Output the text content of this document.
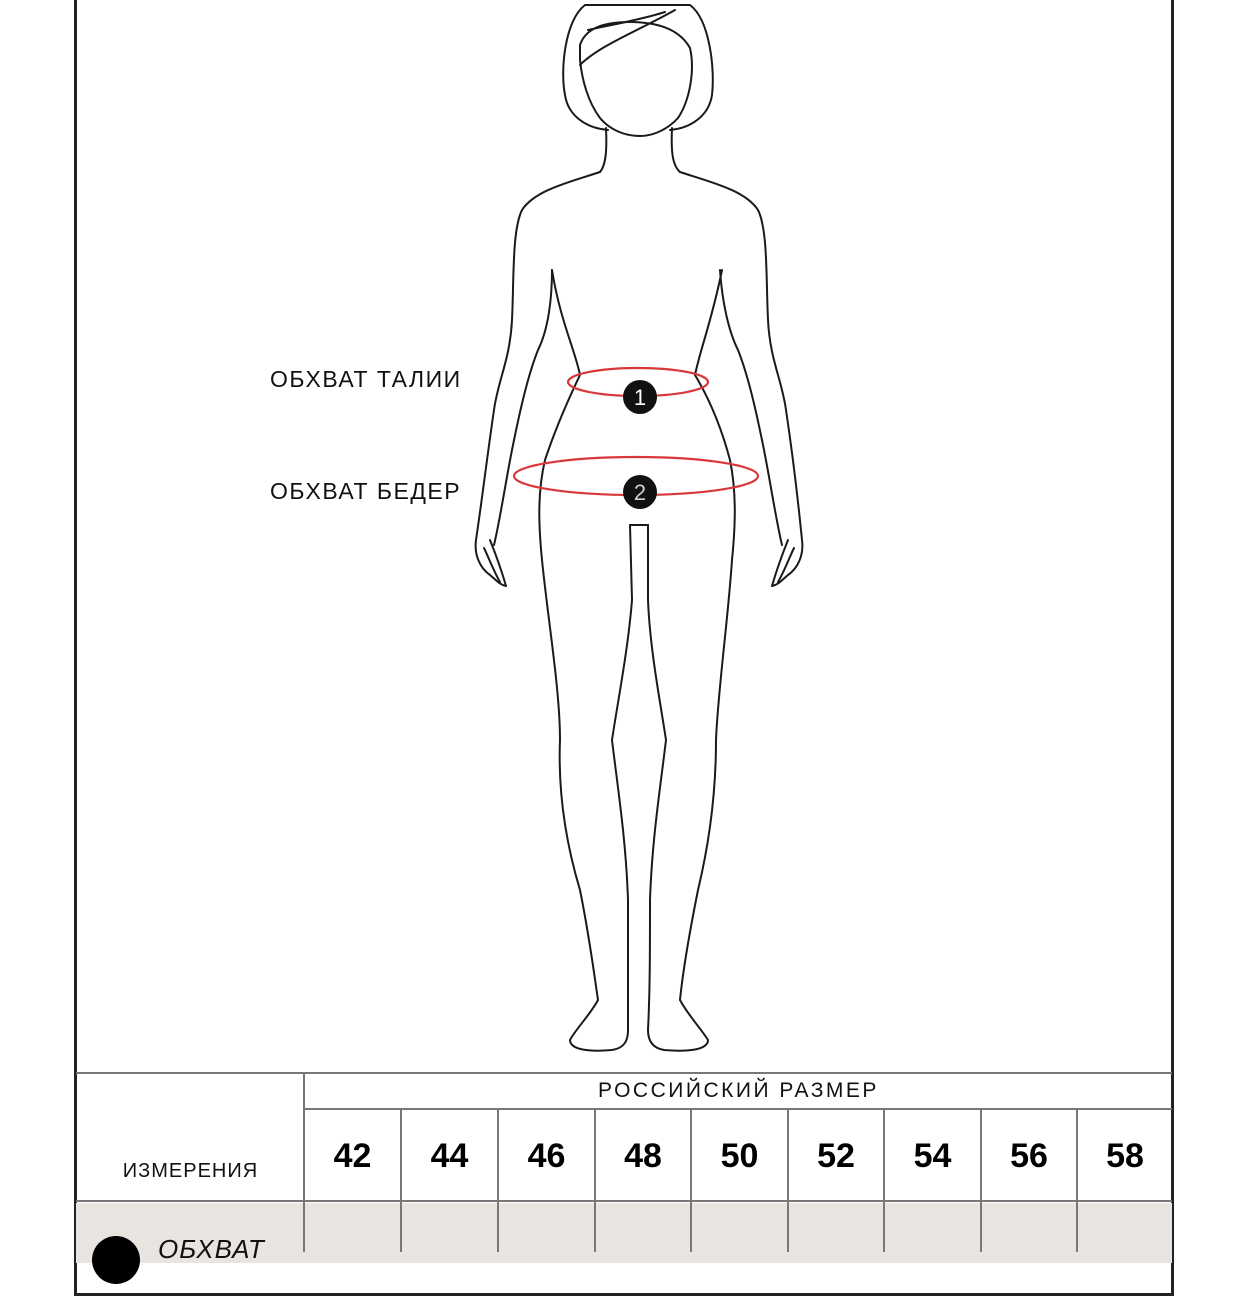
1
2
ОБХВАТ ТАЛИИ
ОБХВАТ БЕДЕР
РОССИЙСКИЙ РАЗМЕР
ИЗМЕРЕНИЯ	42	44	46	48	50	52	54	56	58
ОБХВАТ
